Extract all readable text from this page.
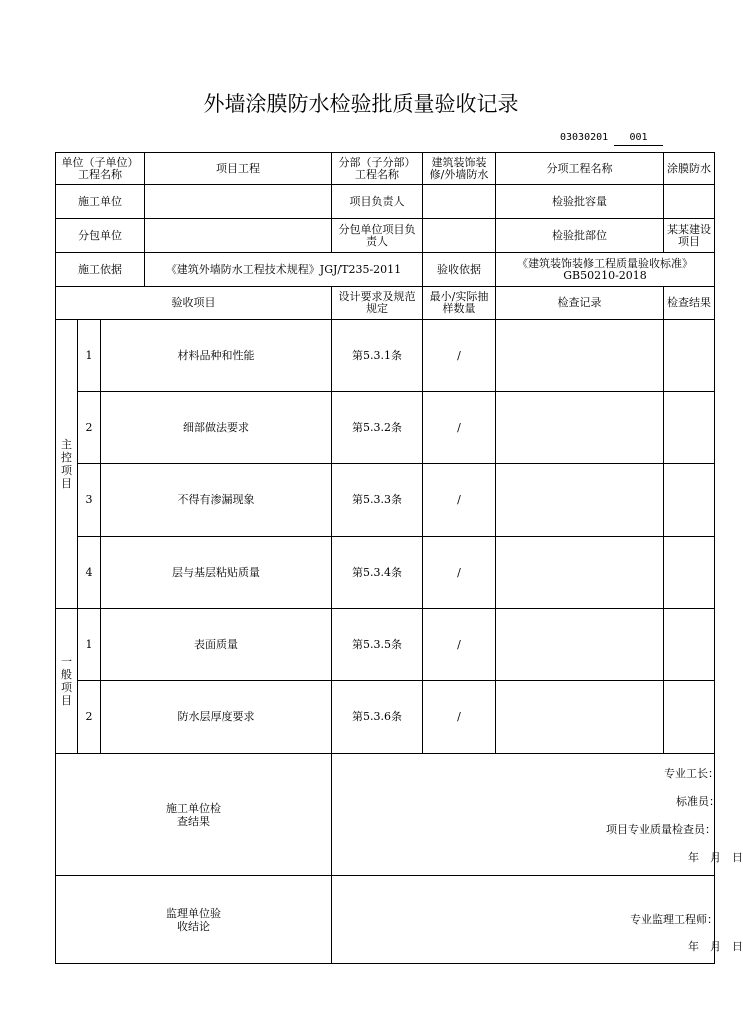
外墙涂膜防水检验批质量验收记录
03030201	001
单位（子单位）工程名称			项目工程	分部（子分部）工程名称	建筑装饰装修/外墙防水	分项工程名称	涂膜防水
施工单位				项目负责人		检验批容量	
分包单位				分包单位项目负责人		检验批部位	某某建设项目
施工依据			《建筑外墙防水工程技术规程》JGJ/T235-2011		验收依据	《建筑装饰装修工程质量验收标准》GB50210-2018	
验收项目				设计要求及规范规定	最小/实际抽样数量	检查记录	检查结果

主控项目	1	材料品种和性能		第5.3.1条	/		
	2	细部做法要求		第5.3.2条	/		
	3	不得有渗漏现象		第5.3.3条	/		
	4	层与基层粘贴质量		第5.3.4条	/		

一般项目	1	表面质量		第5.3.5条	/		
	2	防水层厚度要求		第5.3.6条	/		

施工单位检查结果				专业工长：
标准员：
项目专业质量检查员：
年　月　日			

监理单位验收结论				专业监理工程师：
年　月　日			
